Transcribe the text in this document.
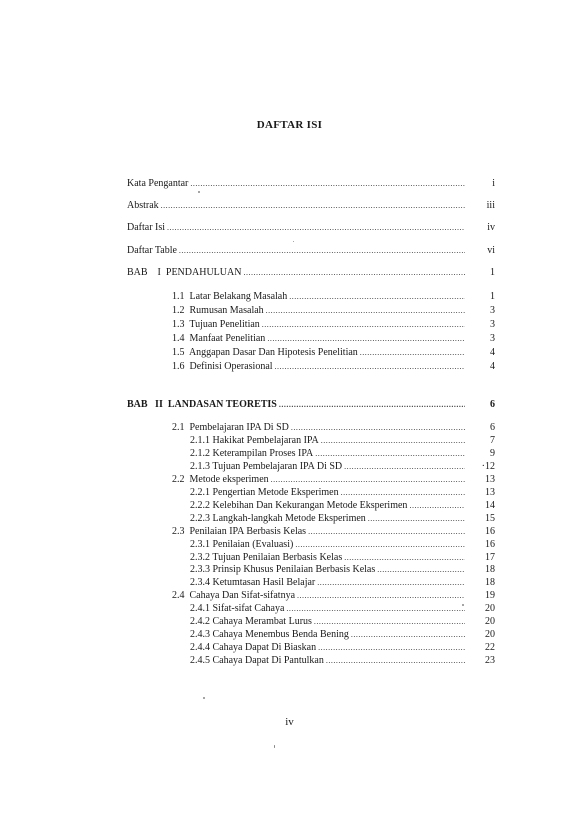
DAFTAR ISI
Kata Pengantar .....	i
Abstrak .....	iii
Daftar Isi .....	iv
Daftar Table .....	vi
BAB    I  PENDAHULUAN .....	1
1.1  Latar Belakang Masalah .....	1
1.2  Rumusan Masalah .....	3
1.3  Tujuan Penelitian .....	3
1.4  Manfaat Penelitian .....	3
1.5  Anggapan Dasar Dan Hipotesis Penelitian .....	4
1.6  Definisi Operasional .....	4
BAB   II  LANDASAN TEORETIS .....	6
2.1  Pembelajaran IPA Di SD .....	6
2.1.1 Hakikat Pembelajaran IPA .....	7
2.1.2 Keterampilan Proses IPA .....	9
2.1.3 Tujuan Pembelajaran IPA Di SD .....	·12
2.2  Metode eksperimen .....	13
2.2.1 Pengertian Metode Eksperimen .....	13
2.2.2 Kelebihan Dan Kekurangan Metode Eksperimen .....	14
2.2.3 Langkah-langkah Metode Eksperimen .....	15
2.3  Penilaian IPA Berbasis Kelas .....	16
2.3.1 Penilaian (Evaluasi) .....	16
2.3.2 Tujuan Penilaian Berbasis Kelas .....	17
2.3.3 Prinsip Khusus Penilaian Berbasis Kelas .....	18
2.3.4 Ketumtasan Hasil Belajar .....	18
2.4  Cahaya Dan Sifat-sifatnya .....	19
2.4.1 Sifat-sifat Cahaya .....	20
2.4.2 Cahaya Merambat Lurus .....	20
2.4.3 Cahaya Menembus Benda Bening .....	20
2.4.4 Cahaya Dapat Di Biaskan .....	22
2.4.5 Cahaya Dapat Di Pantulkan .....	23
iv
